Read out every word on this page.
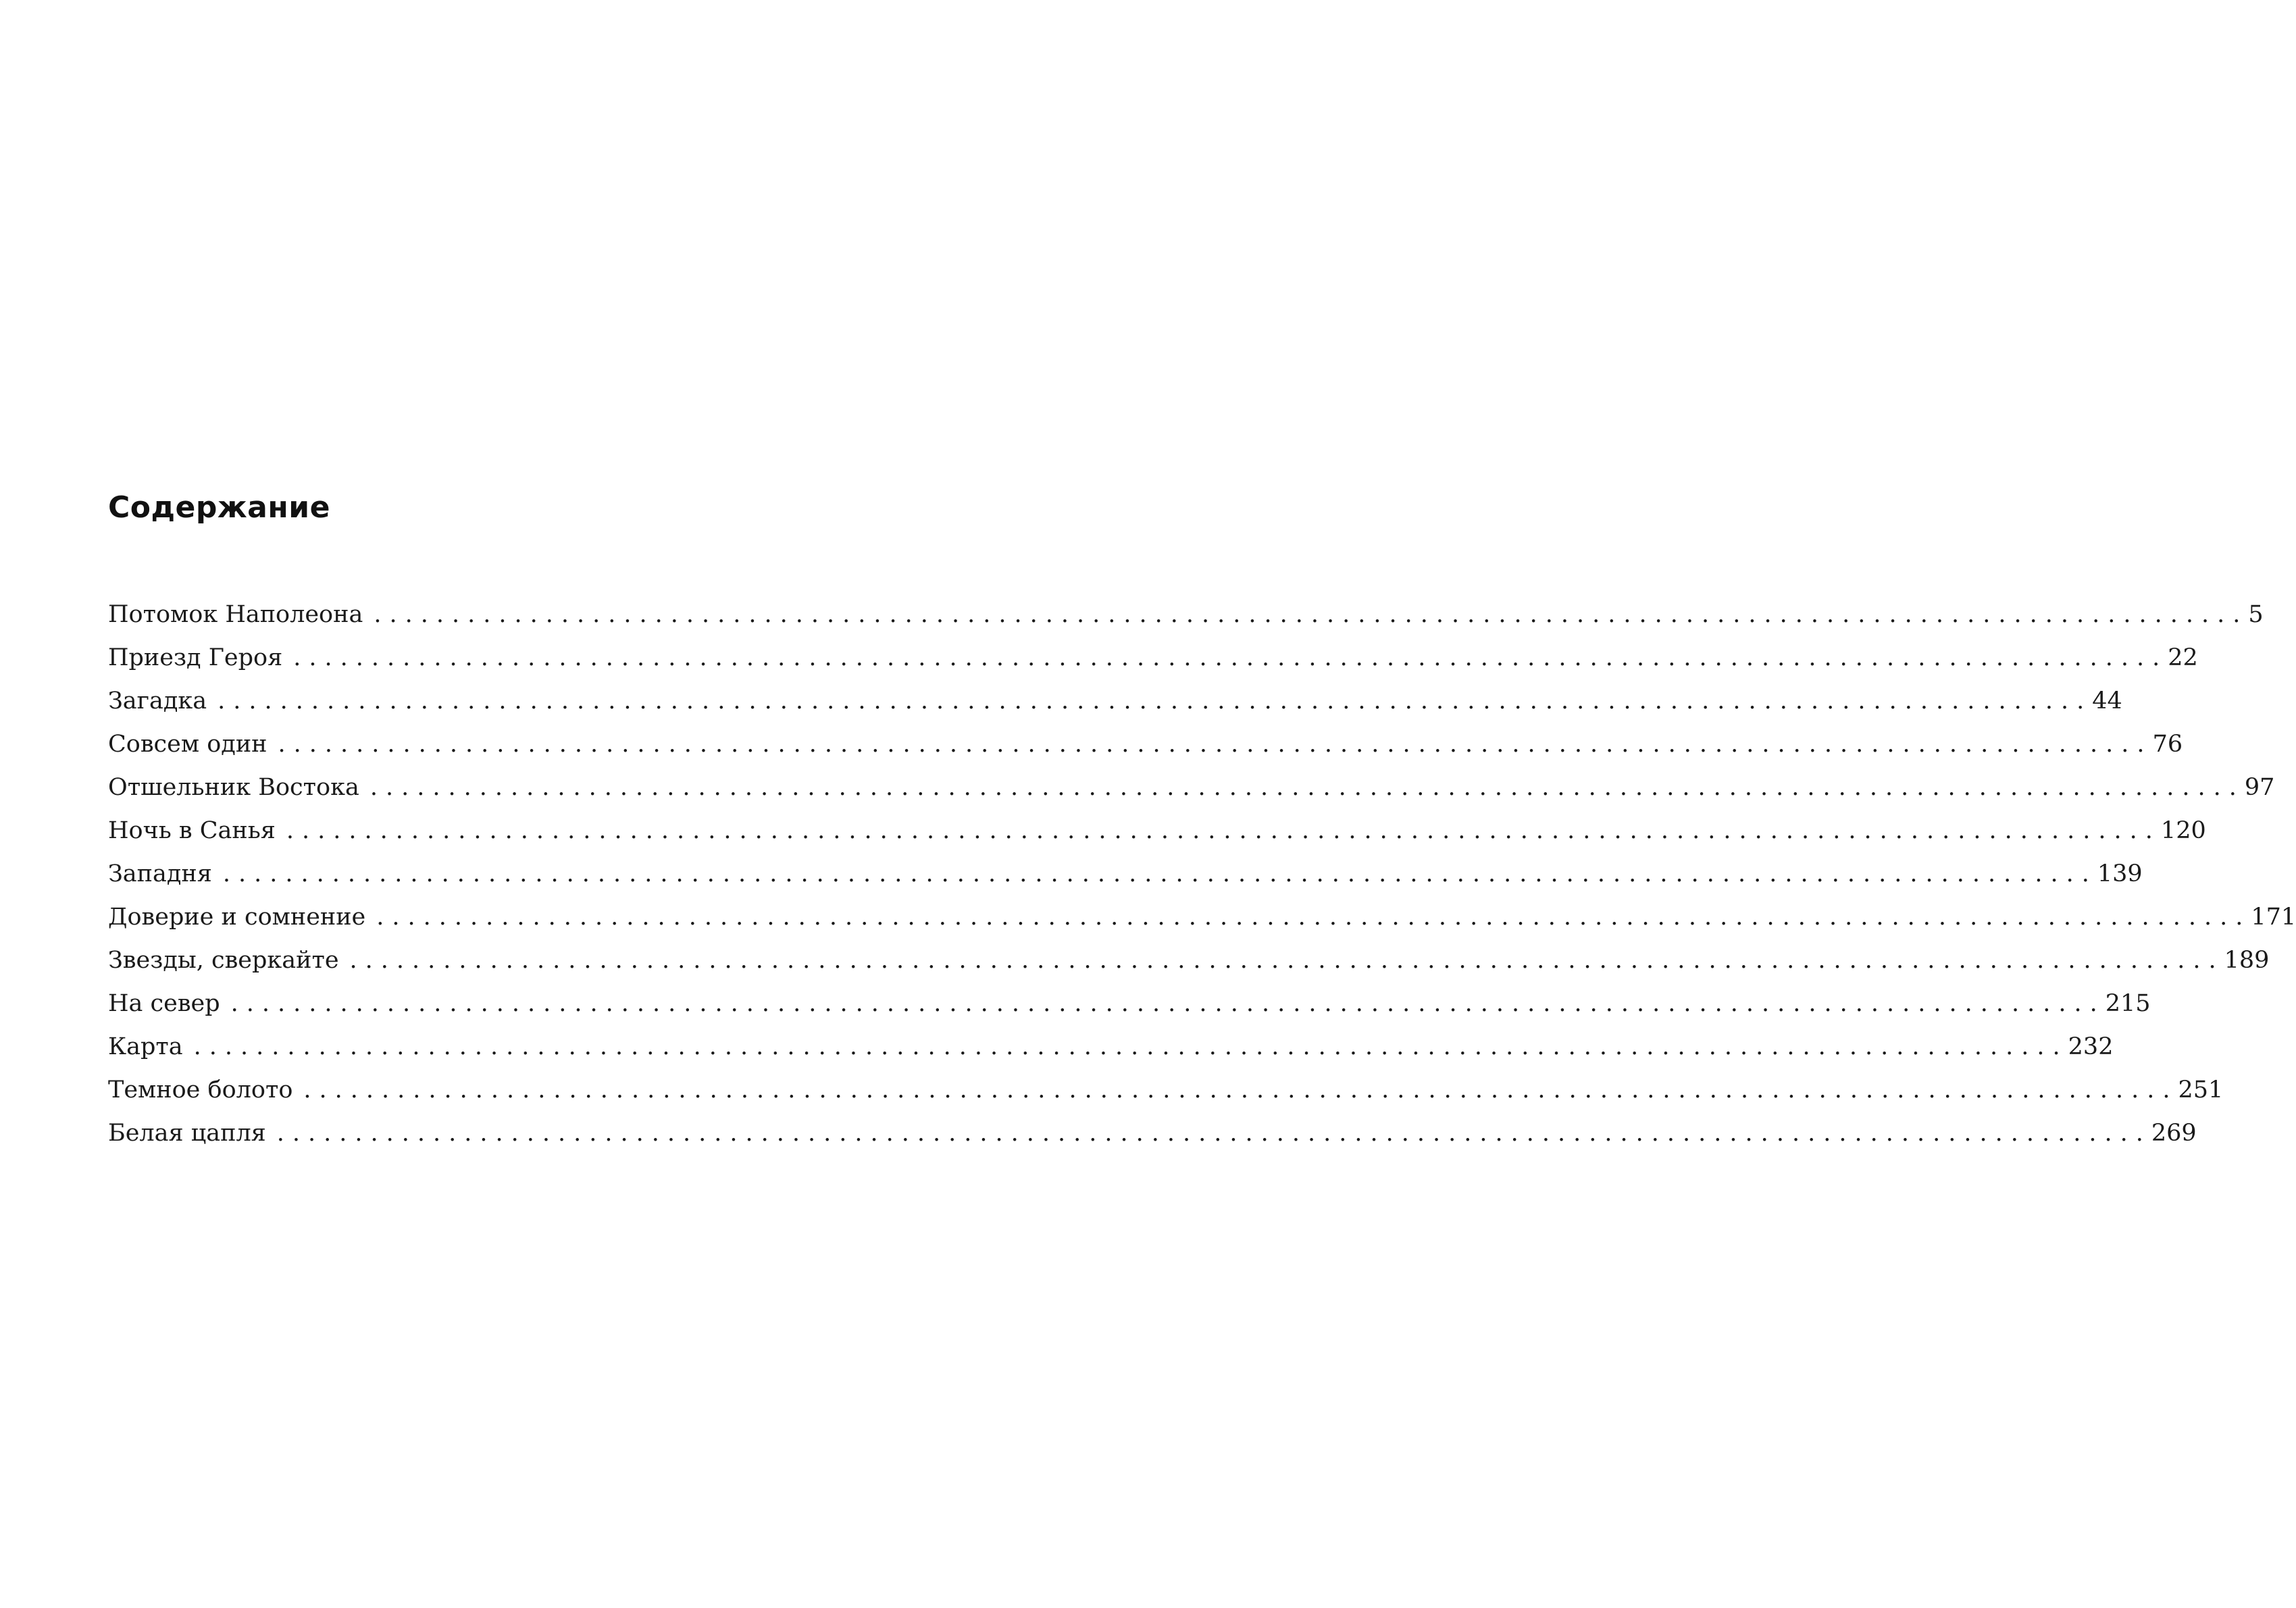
Содержание
Потомок Наполеона ........................................................................................................................ 5
Приезд Героя ........................................................................................................................ 22
Загадка ........................................................................................................................ 44
Совсем один ........................................................................................................................ 76
Отшельник Востока ........................................................................................................................ 97
Ночь в Санья ........................................................................................................................ 120
Западня ........................................................................................................................ 139
Доверие и сомнение ........................................................................................................................ 171
Звезды, сверкайте ........................................................................................................................ 189
На север ........................................................................................................................ 215
Карта ........................................................................................................................ 232
Темное болото ........................................................................................................................ 251
Белая цапля ........................................................................................................................ 269
